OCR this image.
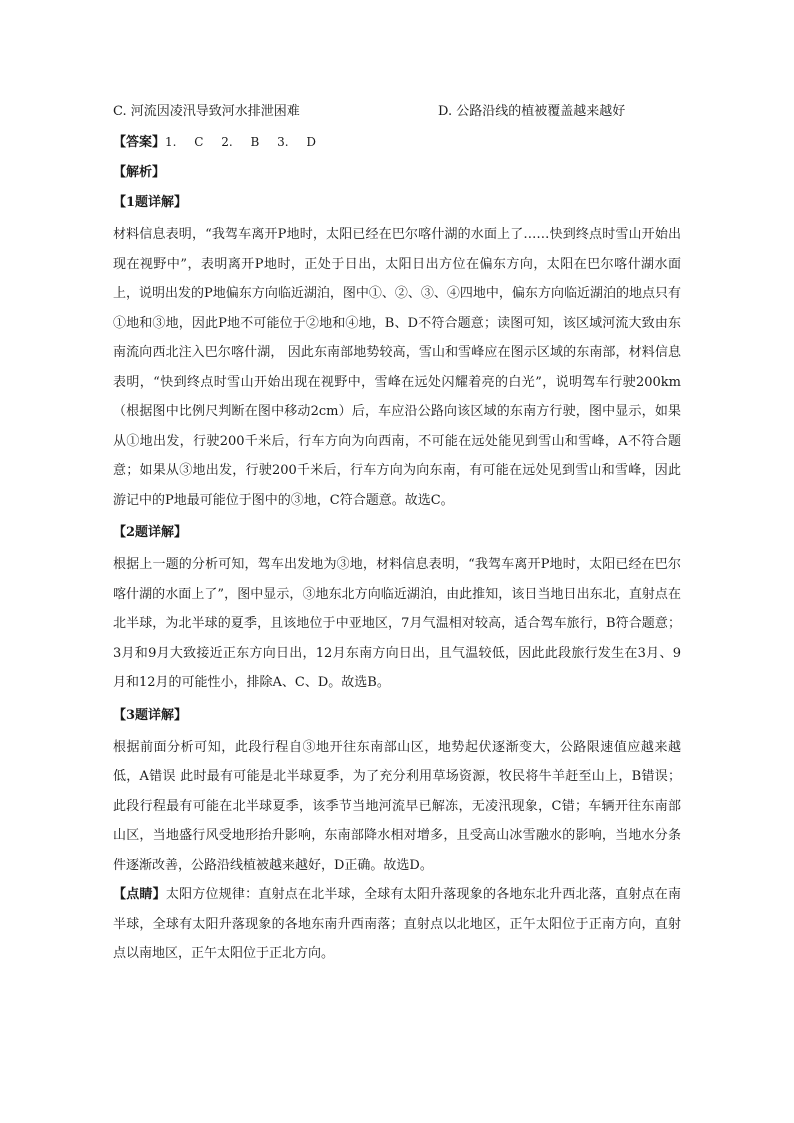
C. 河流因凌汛导致河水排泄困难	D. 公路沿线的植被覆盖越来越好

【答案】1. C 2. B 3. D

【解析】

【1题详解】

材料信息表明，“我驾车离开P地时，太阳已经在巴尔喀什湖的水面上了……快到终点时雪山开始出现在视野中”，表明离开P地时，正处于日出，太阳日出方位在偏东方向，太阳在巴尔喀什湖水面上，说明出发的P地偏东方向临近湖泊，图中①、②、③、④四地中，偏东方向临近湖泊的地点只有①地和③地，因此P地不可能位于②地和④地，B、D不符合题意；读图可知，该区域河流大致由东南流向西北注入巴尔喀什湖， 因此东南部地势较高，雪山和雪峰应在图示区域的东南部，材料信息表明，“快到终点时雪山开始出现在视野中，雪峰在远处闪耀着亮的白光”，说明驾车行驶200km（根据图中比例尺判断在图中移动2cm）后，车应沿公路向该区域的东南方行驶，图中显示，如果从①地出发，行驶200千米后，行车方向为向西南，不可能在远处能见到雪山和雪峰，A不符合题意；如果从③地出发，行驶200千米后，行车方向为向东南，有可能在远处见到雪山和雪峰，因此游记中的P地最可能位于图中的③地，C符合题意。故选C。

【2题详解】

根据上一题的分析可知，驾车出发地为③地，材料信息表明，“我驾车离开P地时，太阳已经在巴尔喀什湖的水面上了”，图中显示，③地东北方向临近湖泊，由此推知，该日当地日出东北，直射点在北半球，为北半球的夏季，且该地位于中亚地区，7月气温相对较高，适合驾车旅行，B符合题意；3月和9月大致接近正东方向日出，12月东南方向日出，且气温较低，因此此段旅行发生在3月、9月和12月的可能性小，排除A、C、D。故选B。

【3题详解】

根据前面分析可知，此段行程自③地开往东南部山区，地势起伏逐渐变大，公路限速值应越来越低，A错误 此时最有可能是北半球夏季，为了充分利用草场资源，牧民将牛羊赶至山上，B错误；此段行程最有可能在北半球夏季，该季节当地河流早已解冻，无凌汛现象，C错；车辆开往东南部山区，当地盛行风受地形抬升影响，东南部降水相对增多，且受高山冰雪融水的影响，当地水分条件逐渐改善，公路沿线植被越来越好，D正确。故选D。

【点睛】太阳方位规律：直射点在北半球，全球有太阳升落现象的各地东北升西北落，直射点在南半球，全球有太阳升落现象的各地东南升西南落；直射点以北地区，正午太阳位于正南方向，直射点以南地区，正午太阳位于正北方向。
